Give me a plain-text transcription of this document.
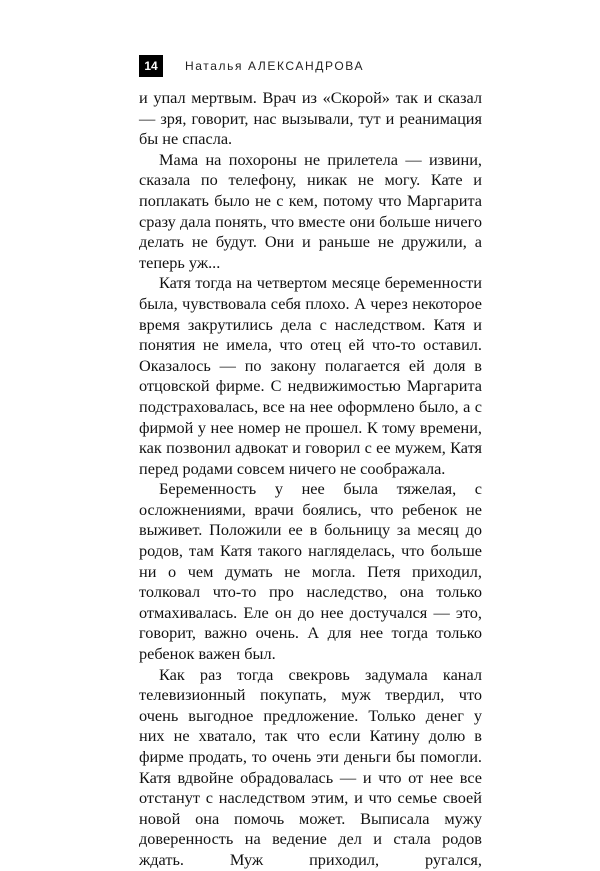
14	Наталья АЛЕКСАНДРОВА

и упал мертвым. Врач из «Скорой» так и сказал — зря, говорит, нас вызывали, тут и реанимация бы не спасла.

Мама на похороны не прилетела — извини, сказала по телефону, никак не могу. Кате и поплакать было не с кем, потому что Маргарита сразу дала понять, что вместе они больше ничего делать не будут. Они и раньше не дружили, а теперь уж...

Катя тогда на четвертом месяце беременности была, чувствовала себя плохо. А через некоторое время закрутились дела с наследством. Катя и понятия не имела, что отец ей что-то оставил. Оказалось — по закону полагается ей доля в отцовской фирме. С недвижимостью Маргарита подстраховалась, все на нее оформлено было, а с фирмой у нее номер не прошел. К тому времени, как позвонил адвокат и говорил с ее мужем, Катя перед родами совсем ничего не соображала.

Беременность у нее была тяжелая, с осложнениями, врачи боялись, что ребенок не выживет. Положили ее в больницу за месяц до родов, там Катя такого нагляделась, что больше ни о чем думать не могла. Петя приходил, толковал что-то про наследство, она только отмахивалась. Еле он до нее достучался — это, говорит, важно очень. А для нее тогда только ребенок важен был.

Как раз тогда свекровь задумала канал телевизионный покупать, муж твердил, что очень выгодное предложение. Только денег у них не хватало, так что если Катину долю в фирме продать, то очень эти деньги бы помогли. Катя вдвойне обрадовалась — и что от нее все отстанут с наследством этим, и что семье своей новой она помочь может. Выписала мужу доверенность на ведение дел и стала родов ждать. Муж приходил, ругался,
